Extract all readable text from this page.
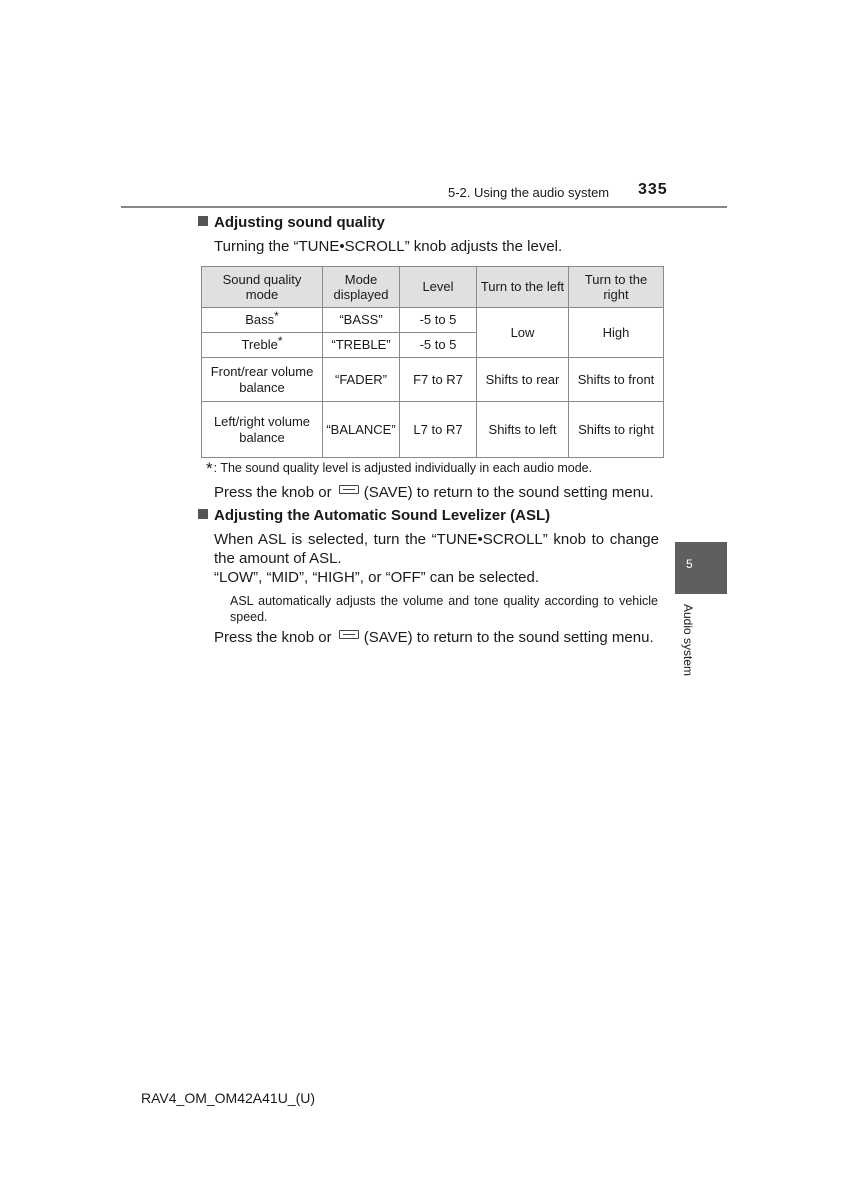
5-2. Using the audio system 335
Adjusting sound quality
Turning the “TUNE•SCROLL” knob adjusts the level.
Sound quality mode	Mode displayed	Level	Turn to the left	Turn to the right
Bass*	“BASS”	-5 to 5	Low	High
Treble*	“TREBLE”	-5 to 5		
Front/rear volume balance	“FADER”	F7 to R7	Shifts to rear	Shifts to front
Left/right volume balance	“BALANCE”	L7 to R7	Shifts to left	Shifts to right
*: The sound quality level is adjusted individually in each audio mode.
Press the knob or (SAVE) to return to the sound setting menu.
Adjusting the Automatic Sound Levelizer (ASL)
When ASL is selected, turn the “TUNE•SCROLL” knob to change
the amount of ASL.
“LOW”, “MID”, “HIGH”, or “OFF” can be selected.
ASL automatically adjusts the volume and tone quality according to vehicle speed.
Press the knob or (SAVE) to return to the sound setting menu.
5
Audio system
RAV4_OM_OM42A41U_(U)
